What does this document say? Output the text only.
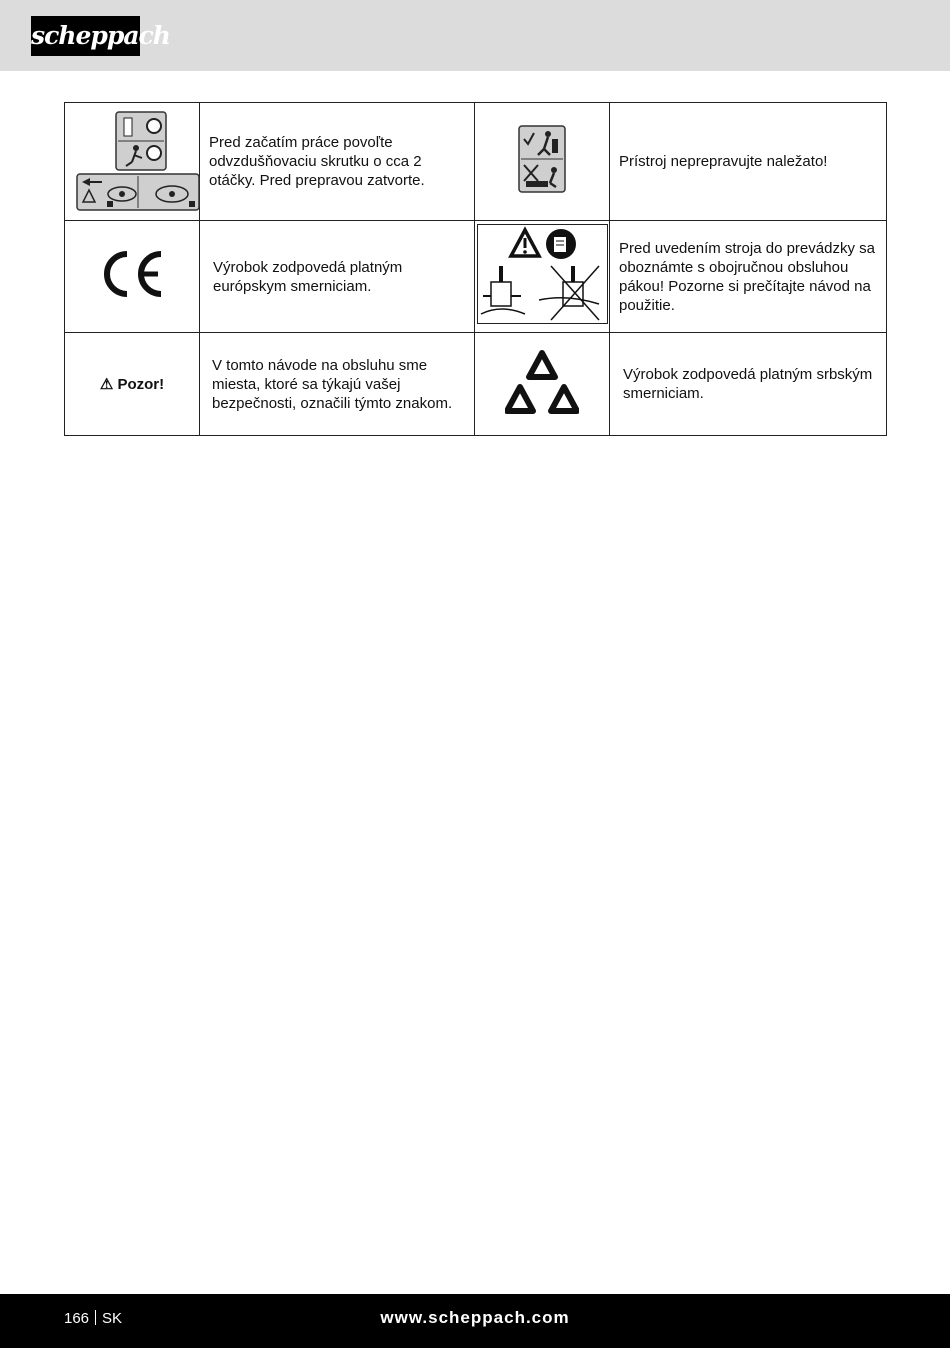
scheppach
	Pred začatím práce povoľte odvzdušňovaciu skrutku o cca 2 otáčky. Pred prepravou zatvorte.		Prístroj neprepravujte naležato!
	Výrobok zodpovedá platným európskym smerniciam.		Pred uvedením stroja do prevádzky sa oboznámte s obojručnou obsluhou pákou! Pozorne si prečítajte návod na použitie.
⚠ Pozor!	V tomto návode na obsluhu sme miesta, ktoré sa týkajú vašej bezpečnosti, označili týmto znakom.		Výrobok zodpovedá platným srbským smerniciam.
166 SK	www.scheppach.com
